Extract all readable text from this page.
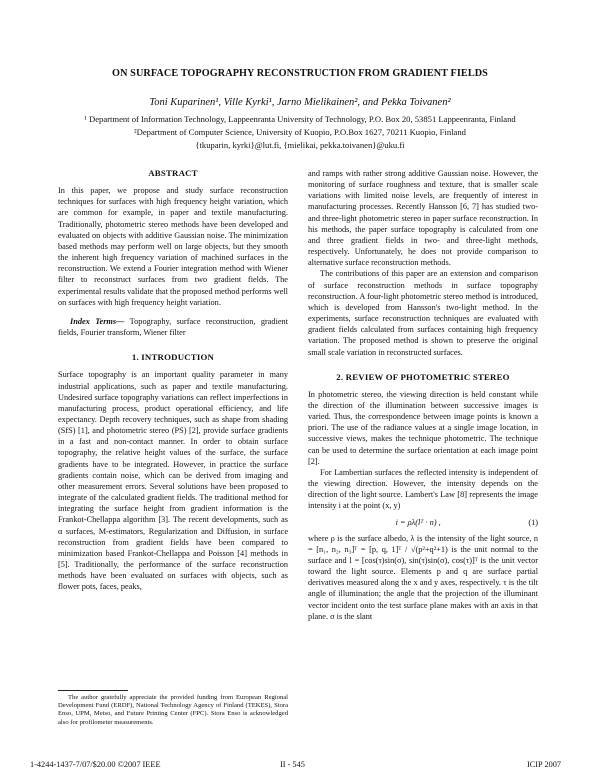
ON SURFACE TOPOGRAPHY RECONSTRUCTION FROM GRADIENT FIELDS
Toni Kuparinen¹, Ville Kyrki¹, Jarno Mielikainen², and Pekka Toivanen²
¹ Department of Information Technology, Lappeenranta University of Technology, P.O. Box 20, 53851 Lappeenranta, Finland
²Department of Computer Science, University of Kuopio, P.O.Box 1627, 70211 Kuopio, Finland
{tkuparin, kyrki}@lut.fi, {mielikai, pekka.toivanen}@uku.fi
ABSTRACT

In this paper, we propose and study surface reconstruction techniques for surfaces with high frequency height variation, which are common for example, in paper and textile manufacturing. Traditionally, photometric stereo methods have been developed and evaluated on objects with additive Gaussian noise. The minimization based methods may perform well on large objects, but they smooth the inherent high frequency variation of machined surfaces in the reconstruction. We extend a Fourier integration method with Wiener filter to reconstruct surfaces from two gradient fields. The experimental results validate that the proposed method performs well on surfaces with high frequency height variation.

Index Terms— Topography, surface reconstruction, gradient fields, Fourier transform, Wiener filter

1. INTRODUCTION

Surface topography is an important quality parameter in many industrial applications, such as paper and textile manufacturing. Undesired surface topography variations can reflect imperfections in manufacturing process, product operational efficiency, and life expectancy. Depth recovery techniques, such as shape from shading (SfS) [1], and photometric stereo (PS) [2], provide surface gradients in a fast and non-contact manner. In order to obtain surface topography, the relative height values of the surface, the surface gradients have to be integrated. However, in practice the surface gradients contain noise, which can be derived from imaging and other measurement errors. Several solutions have been proposed to integrate of the calculated gradient fields. The traditional method for integrating the surface height from gradient information is the Frankot-Chellappa algorithm [3]. The recent developments, such as α surfaces, M-estimators, Regularization and Diffusion, in surface reconstruction from gradient fields have been compared to minimization based Frankot-Chellappa and Poisson [4] methods in [5]. Traditionally, the performance of the surface reconstruction methods have been evaluated on surfaces with objects, such as flower pots, faces, peaks,

The author gratefully appreciate the provided funding from European Regional Development Fund (ERDF), National Technology Agency of Finland (TEKES), Stora Enso, UPM, Metso, and Future Printing Center (FPC). Stora Enso is acknowledged also for profilometer measurements.

and ramps with rather strong additive Gaussian noise. However, the monitoring of surface roughness and texture, that is smaller scale variations with limited noise levels, are frequently of interest in manufacturing processes. Recently Hansson [6, 7] has studied two- and three-light photometric stereo in paper surface reconstruction. In his methods, the paper surface topography is calculated from one and three gradient fields in two- and three-light methods, respectively. Unfortunately, he does not provide comparison to alternative surface reconstruction methods.

The contributions of this paper are an extension and comparison of surface reconstruction methods in surface topography reconstruction. A four-light photometric stereo method is introduced, which is developed from Hansson's two-light method. In the experiments, surface reconstruction techniques are evaluated with gradient fields calculated from surfaces containing high frequency variation. The proposed method is shown to preserve the original small scale variation in reconstructed surfaces.

2. REVIEW OF PHOTOMETRIC STEREO

In photometric stereo, the viewing direction is held constant while the direction of the illumination between successive images is varied. Thus, the correspondence between image points is known a priori. The use of the radiance values at a single image location, in successive views, makes the technique photometric. The technique can be used to determine the surface orientation at each image point [2].

For Lambertian surfaces the reflected intensity is independent of the viewing direction. However, the intensity depends on the direction of the light source. Lambert's Law [8] represents the image intensity i at the point (x, y)

i = ρλ(lᵀ · n) ,	(1)

where ρ is the surface albedo, λ is the intensity of the light source, n = [n₁, n₂, n₃]ᵀ = [p, q, 1]ᵀ / √(p²+q²+1) is the unit normal to the surface and l = [cos(τ)sin(σ), sin(τ)sin(σ), cos(τ)]ᵀ is the unit vector toward the light source. Elements p and q are surface partial derivatives measured along the x and y axes, respectively. τ is the tilt angle of illumination; the angle that the projection of the illuminant vector incident onto the test surface plane makes with an axis in that plane. σ is the slant

1-4244-1437-7/07/$20.00 ©2007 IEEE	II - 545	ICIP 2007
